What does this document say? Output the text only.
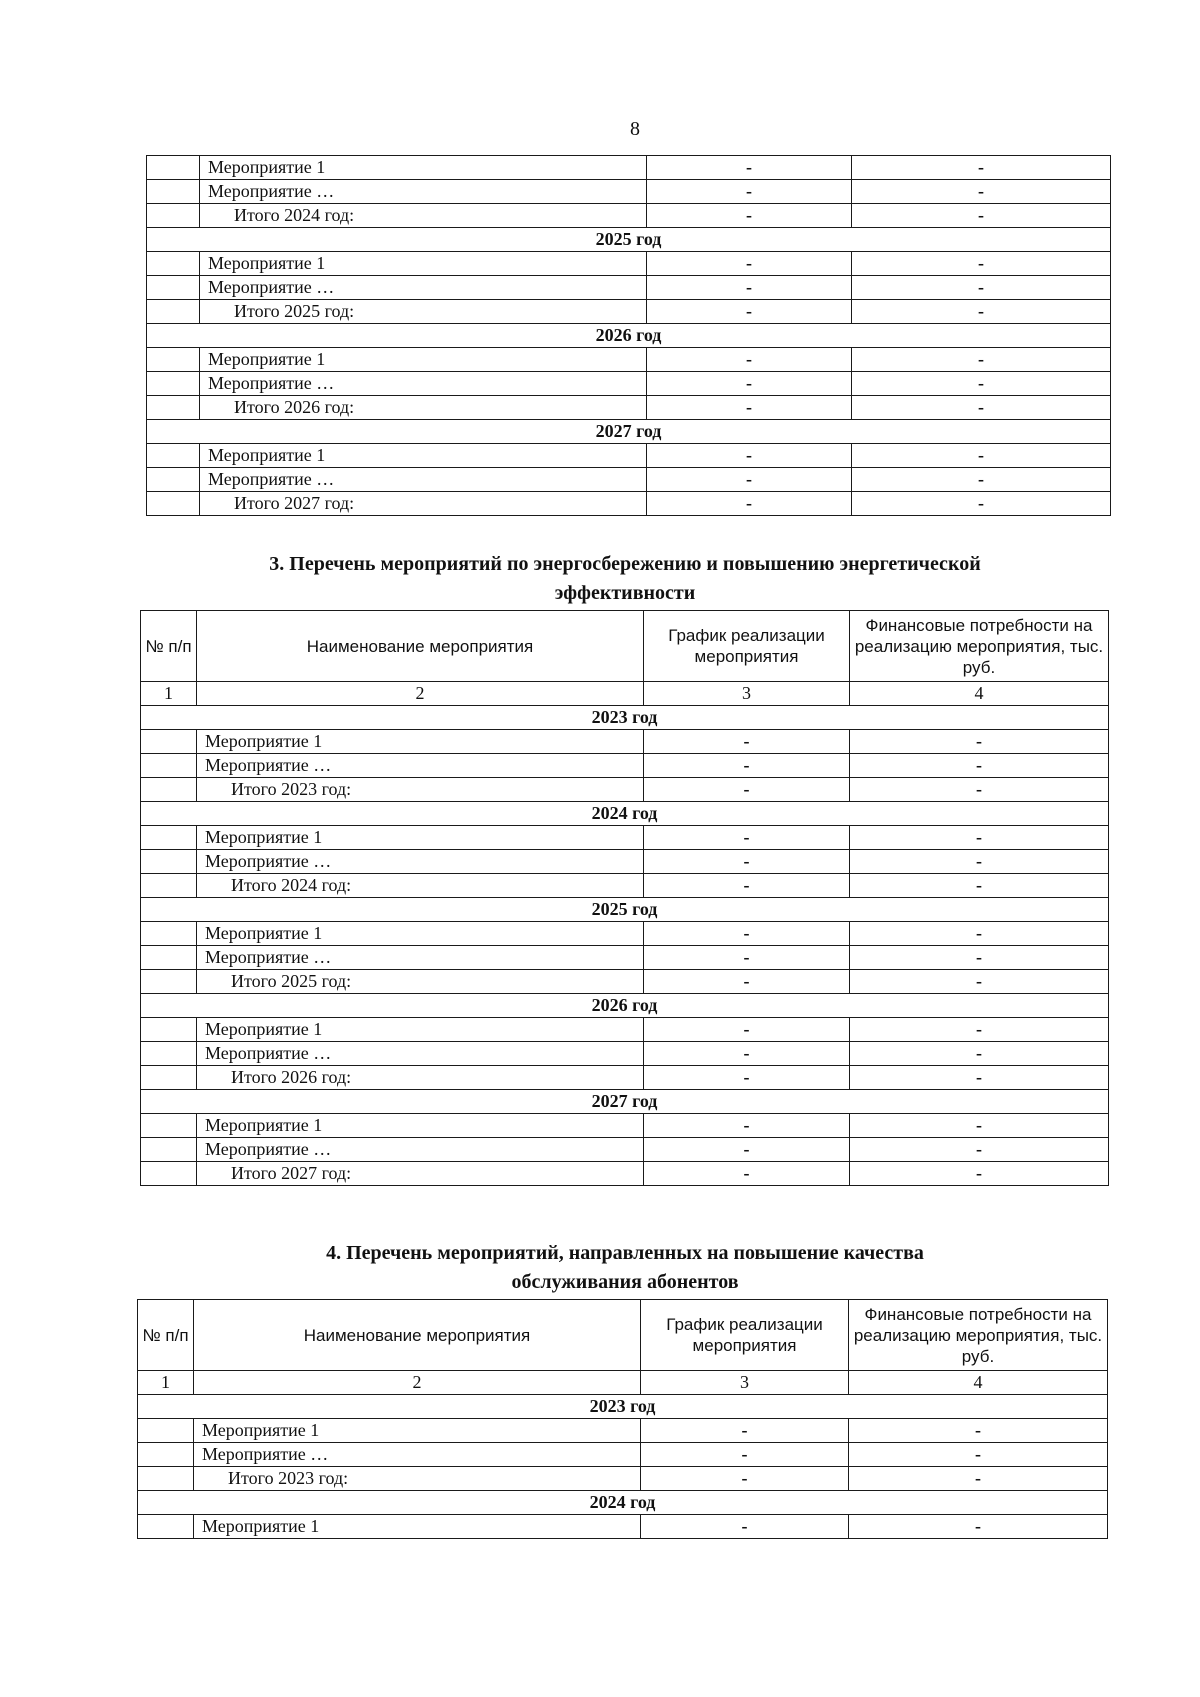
8
	Мероприятие 1	-	-
	Мероприятие …	-	-
	Итого 2024 год:	-	-
2025 год			
	Мероприятие 1	-	-
	Мероприятие …	-	-
	Итого 2025 год:	-	-
2026 год			
	Мероприятие 1	-	-
	Мероприятие …	-	-
	Итого 2026 год:	-	-
2027 год			
	Мероприятие 1	-	-
	Мероприятие …	-	-
	Итого 2027 год:	-	-
3. Перечень мероприятий по энергосбережению и повышению энергетической
эффективности
№ п/п	Наименование мероприятия	График реализации мероприятия	Финансовые потребности на реализацию мероприятия, тыс. руб.
1	2	3	4
2023 год			
	Мероприятие 1	-	-
	Мероприятие …	-	-
	Итого 2023 год:	-	-
2024 год			
	Мероприятие 1	-	-
	Мероприятие …	-	-
	Итого 2024 год:	-	-
2025 год			
	Мероприятие 1	-	-
	Мероприятие …	-	-
	Итого 2025 год:	-	-
2026 год			
	Мероприятие 1	-	-
	Мероприятие …	-	-
	Итого 2026 год:	-	-
2027 год			
	Мероприятие 1	-	-
	Мероприятие …	-	-
	Итого 2027 год:	-	-
4. Перечень мероприятий, направленных на повышение качества
обслуживания абонентов
№ п/п	Наименование мероприятия	График реализации мероприятия	Финансовые потребности на реализацию мероприятия, тыс. руб.
1	2	3	4
2023 год			
	Мероприятие 1	-	-
	Мероприятие …	-	-
	Итого 2023 год:	-	-
2024 год			
	Мероприятие 1	-	-
